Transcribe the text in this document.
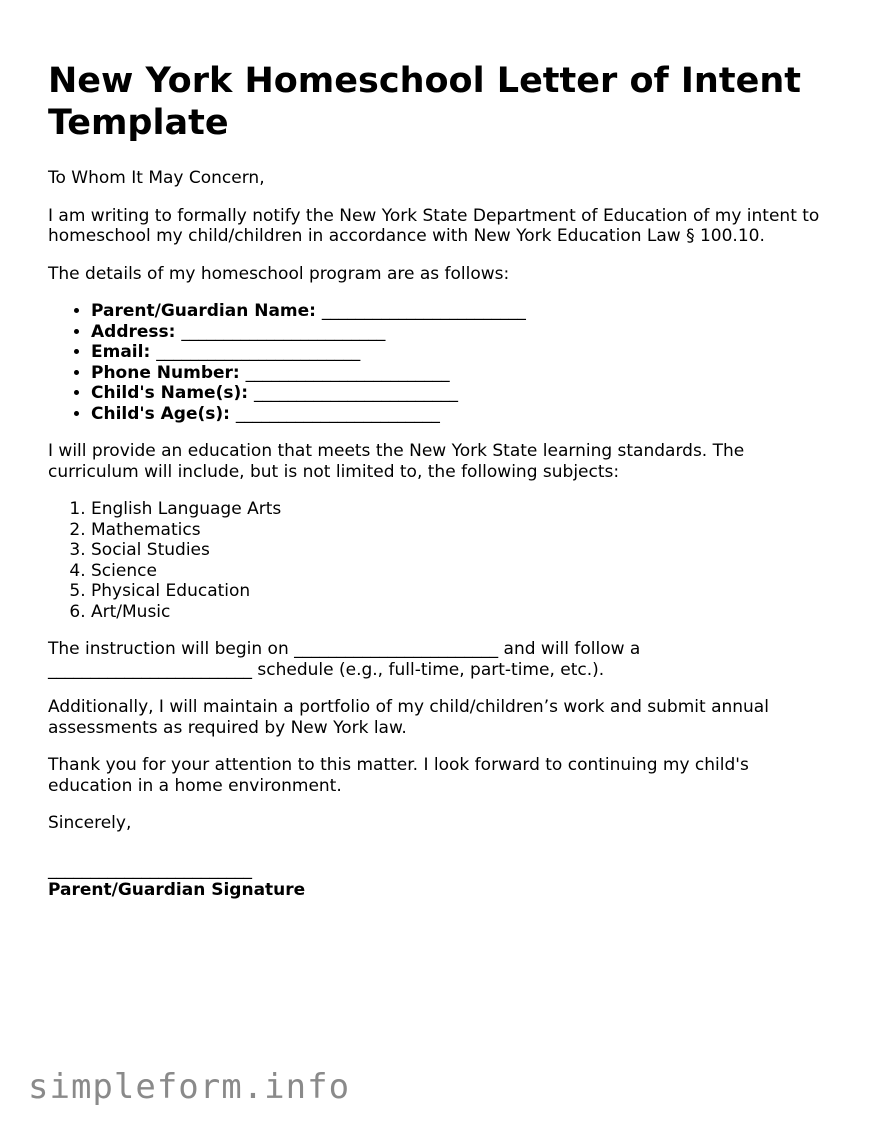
New York Homeschool Letter of Intent Template

To Whom It May Concern,

I am writing to formally notify the New York State Department of Education of my intent to homeschool my child/children in accordance with New York Education Law § 100.10.

The details of my homeschool program are as follows:

• Parent/Guardian Name: ________________________
• Address: ________________________
• Email: ________________________
• Phone Number: ________________________
• Child's Name(s): ________________________
• Child's Age(s): ________________________

I will provide an education that meets the New York State learning standards. The curriculum will include, but is not limited to, the following subjects:

1. English Language Arts
2. Mathematics
3. Social Studies
4. Science
5. Physical Education
6. Art/Music

The instruction will begin on ________________________ and will follow a ________________________ schedule (e.g., full-time, part-time, etc.).

Additionally, I will maintain a portfolio of my child/children’s work and submit annual assessments as required by New York law.

Thank you for your attention to this matter. I look forward to continuing my child's education in a home environment.

Sincerely,

________________________

Parent/Guardian Signature

simpleform.info
